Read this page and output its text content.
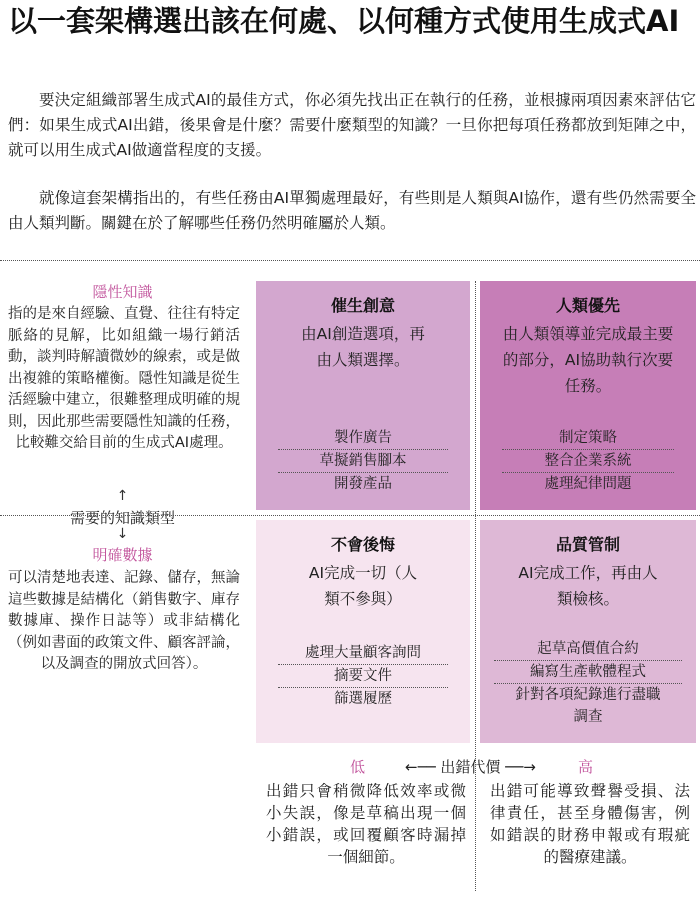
以一套架構選出該在何處、以何種方式使用生成式AI
要決定組織部署生成式AI的最佳方式，你必須先找出正在執行的任務，並根據兩項因素來評估它們：如果生成式AI出錯，後果會是什麼？需要什麼類型的知識？一旦你把每項任務都放到矩陣之中，就可以用生成式AI做適當程度的支援。
就像這套架構指出的，有些任務由AI單獨處理最好，有些則是人類與AI協作，還有些仍然需要全由人類判斷。關鍵在於了解哪些任務仍然明確屬於人類。
隱性知識
指的是來自經驗、直覺、往往有特定脈絡的見解，比如組織一場行銷活動，談判時解讀微妙的線索，或是做出複雜的策略權衡。隱性知識是從生活經驗中建立，很難整理成明確的規則，因此那些需要隱性知識的任務，比較難交給目前的生成式AI處理。
↑
需要的知識類型
↓
明確數據
可以清楚地表達、記錄、儲存，無論這些數據是結構化（銷售數字、庫存數據庫、操作日誌等）或非結構化（例如書面的政策文件、顧客評論，以及調查的開放式回答）。
催生創意
由AI創造選項，再由人類選擇。
製作廣告
草擬銷售腳本
開發產品
人類優先
由人類領導並完成最主要的部分，AI協助執行次要任務。
制定策略
整合企業系統
處理紀律問題
不會後悔
AI完成一切（人類不參與）
處理大量顧客詢問
摘要文件
篩選履歷
品質管制
AI完成工作，再由人類檢核。
起草高價值合約
編寫生產軟體程式
針對各項紀錄進行盡職調查
低	←── 出錯代價 ──→	高
出錯只會稍微降低效率或微小失誤，像是草稿出現一個小錯誤，或回覆顧客時漏掉一個細節。
出錯可能導致聲譽受損、法律責任，甚至身體傷害，例如錯誤的財務申報或有瑕疵的醫療建議。
